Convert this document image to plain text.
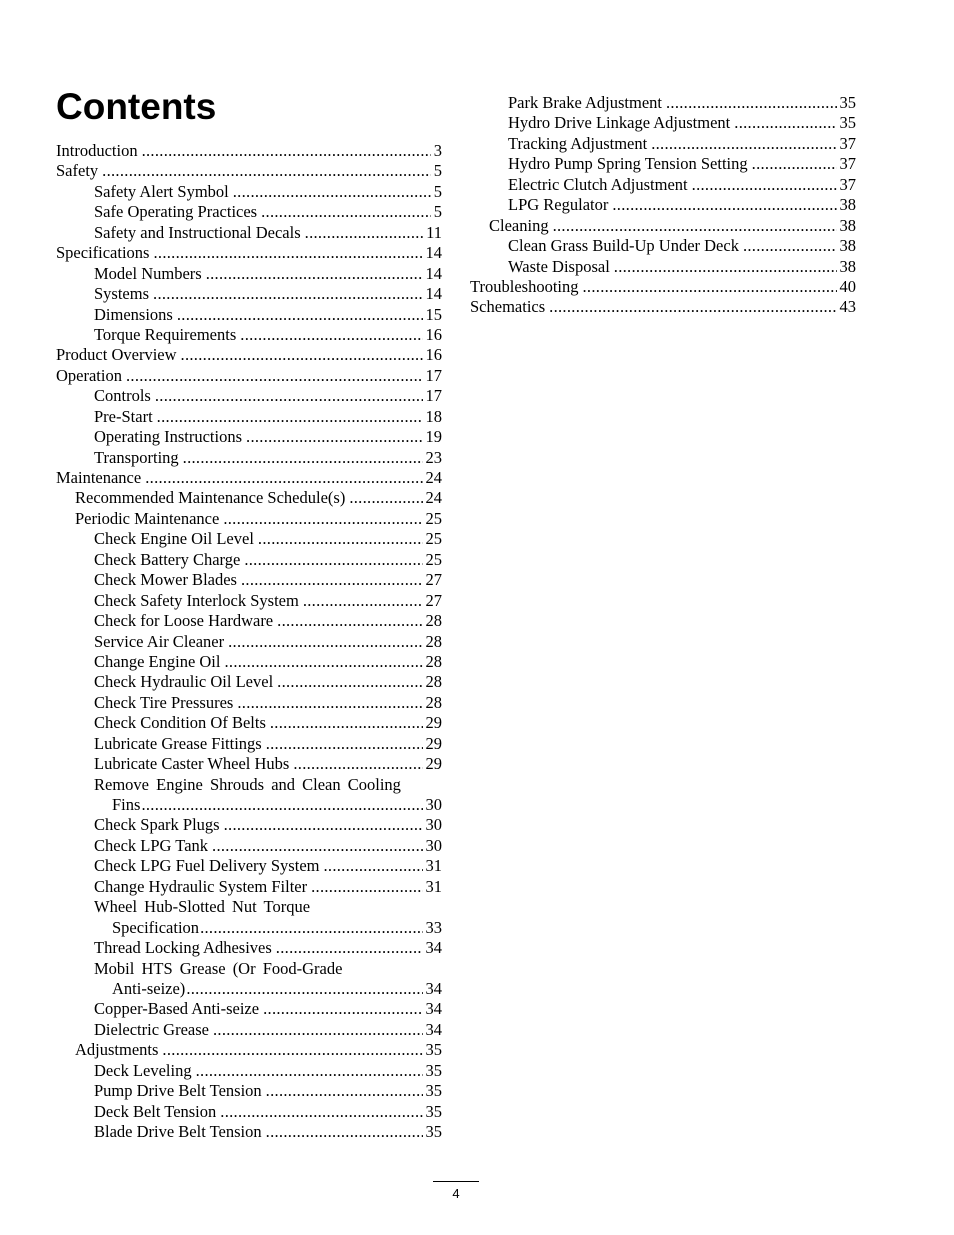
Contents
Introduction .....	3
Safety .....	5
Safety Alert Symbol .....	5
Safe Operating Practices .....	5
Safety and Instructional Decals .....	11
Specifications .....	14
Model Numbers .....	14
Systems .....	14
Dimensions .....	15
Torque Requirements .....	16
Product Overview .....	16
Operation .....	17
Controls .....	17
Pre-Start .....	18
Operating Instructions .....	19
Transporting .....	23
Maintenance .....	24
Recommended Maintenance Schedule(s) .....	24
Periodic Maintenance .....	25
Check Engine Oil Level .....	25
Check Battery Charge .....	25
Check Mower Blades .....	27
Check Safety Interlock System .....	27
Check for Loose Hardware .....	28
Service Air Cleaner .....	28
Change Engine Oil .....	28
Check Hydraulic Oil Level .....	28
Check Tire Pressures .....	28
Check Condition Of Belts .....	29
Lubricate Grease Fittings .....	29
Lubricate Caster Wheel Hubs .....	29
Remove Engine Shrouds and Clean Cooling
Fins .....	30
Check Spark Plugs .....	30
Check LPG Tank .....	30
Check LPG Fuel Delivery System .....	31
Change Hydraulic System Filter .....	31
Wheel Hub-Slotted Nut Torque
Specification .....	33
Thread Locking Adhesives .....	34
Mobil HTS Grease (Or Food-Grade
Anti-seize) .....	34
Copper-Based Anti-seize .....	34
Dielectric Grease .....	34
Adjustments .....	35
Deck Leveling .....	35
Pump Drive Belt Tension .....	35
Deck Belt Tension .....	35
Blade Drive Belt Tension .....	35
Park Brake Adjustment .....	35
Hydro Drive Linkage Adjustment .....	35
Tracking Adjustment .....	37
Hydro Pump Spring Tension Setting .....	37
Electric Clutch Adjustment .....	37
LPG Regulator .....	38
Cleaning .....	38
Clean Grass Build-Up Under Deck .....	38
Waste Disposal .....	38
Troubleshooting .....	40
Schematics .....	43
4
